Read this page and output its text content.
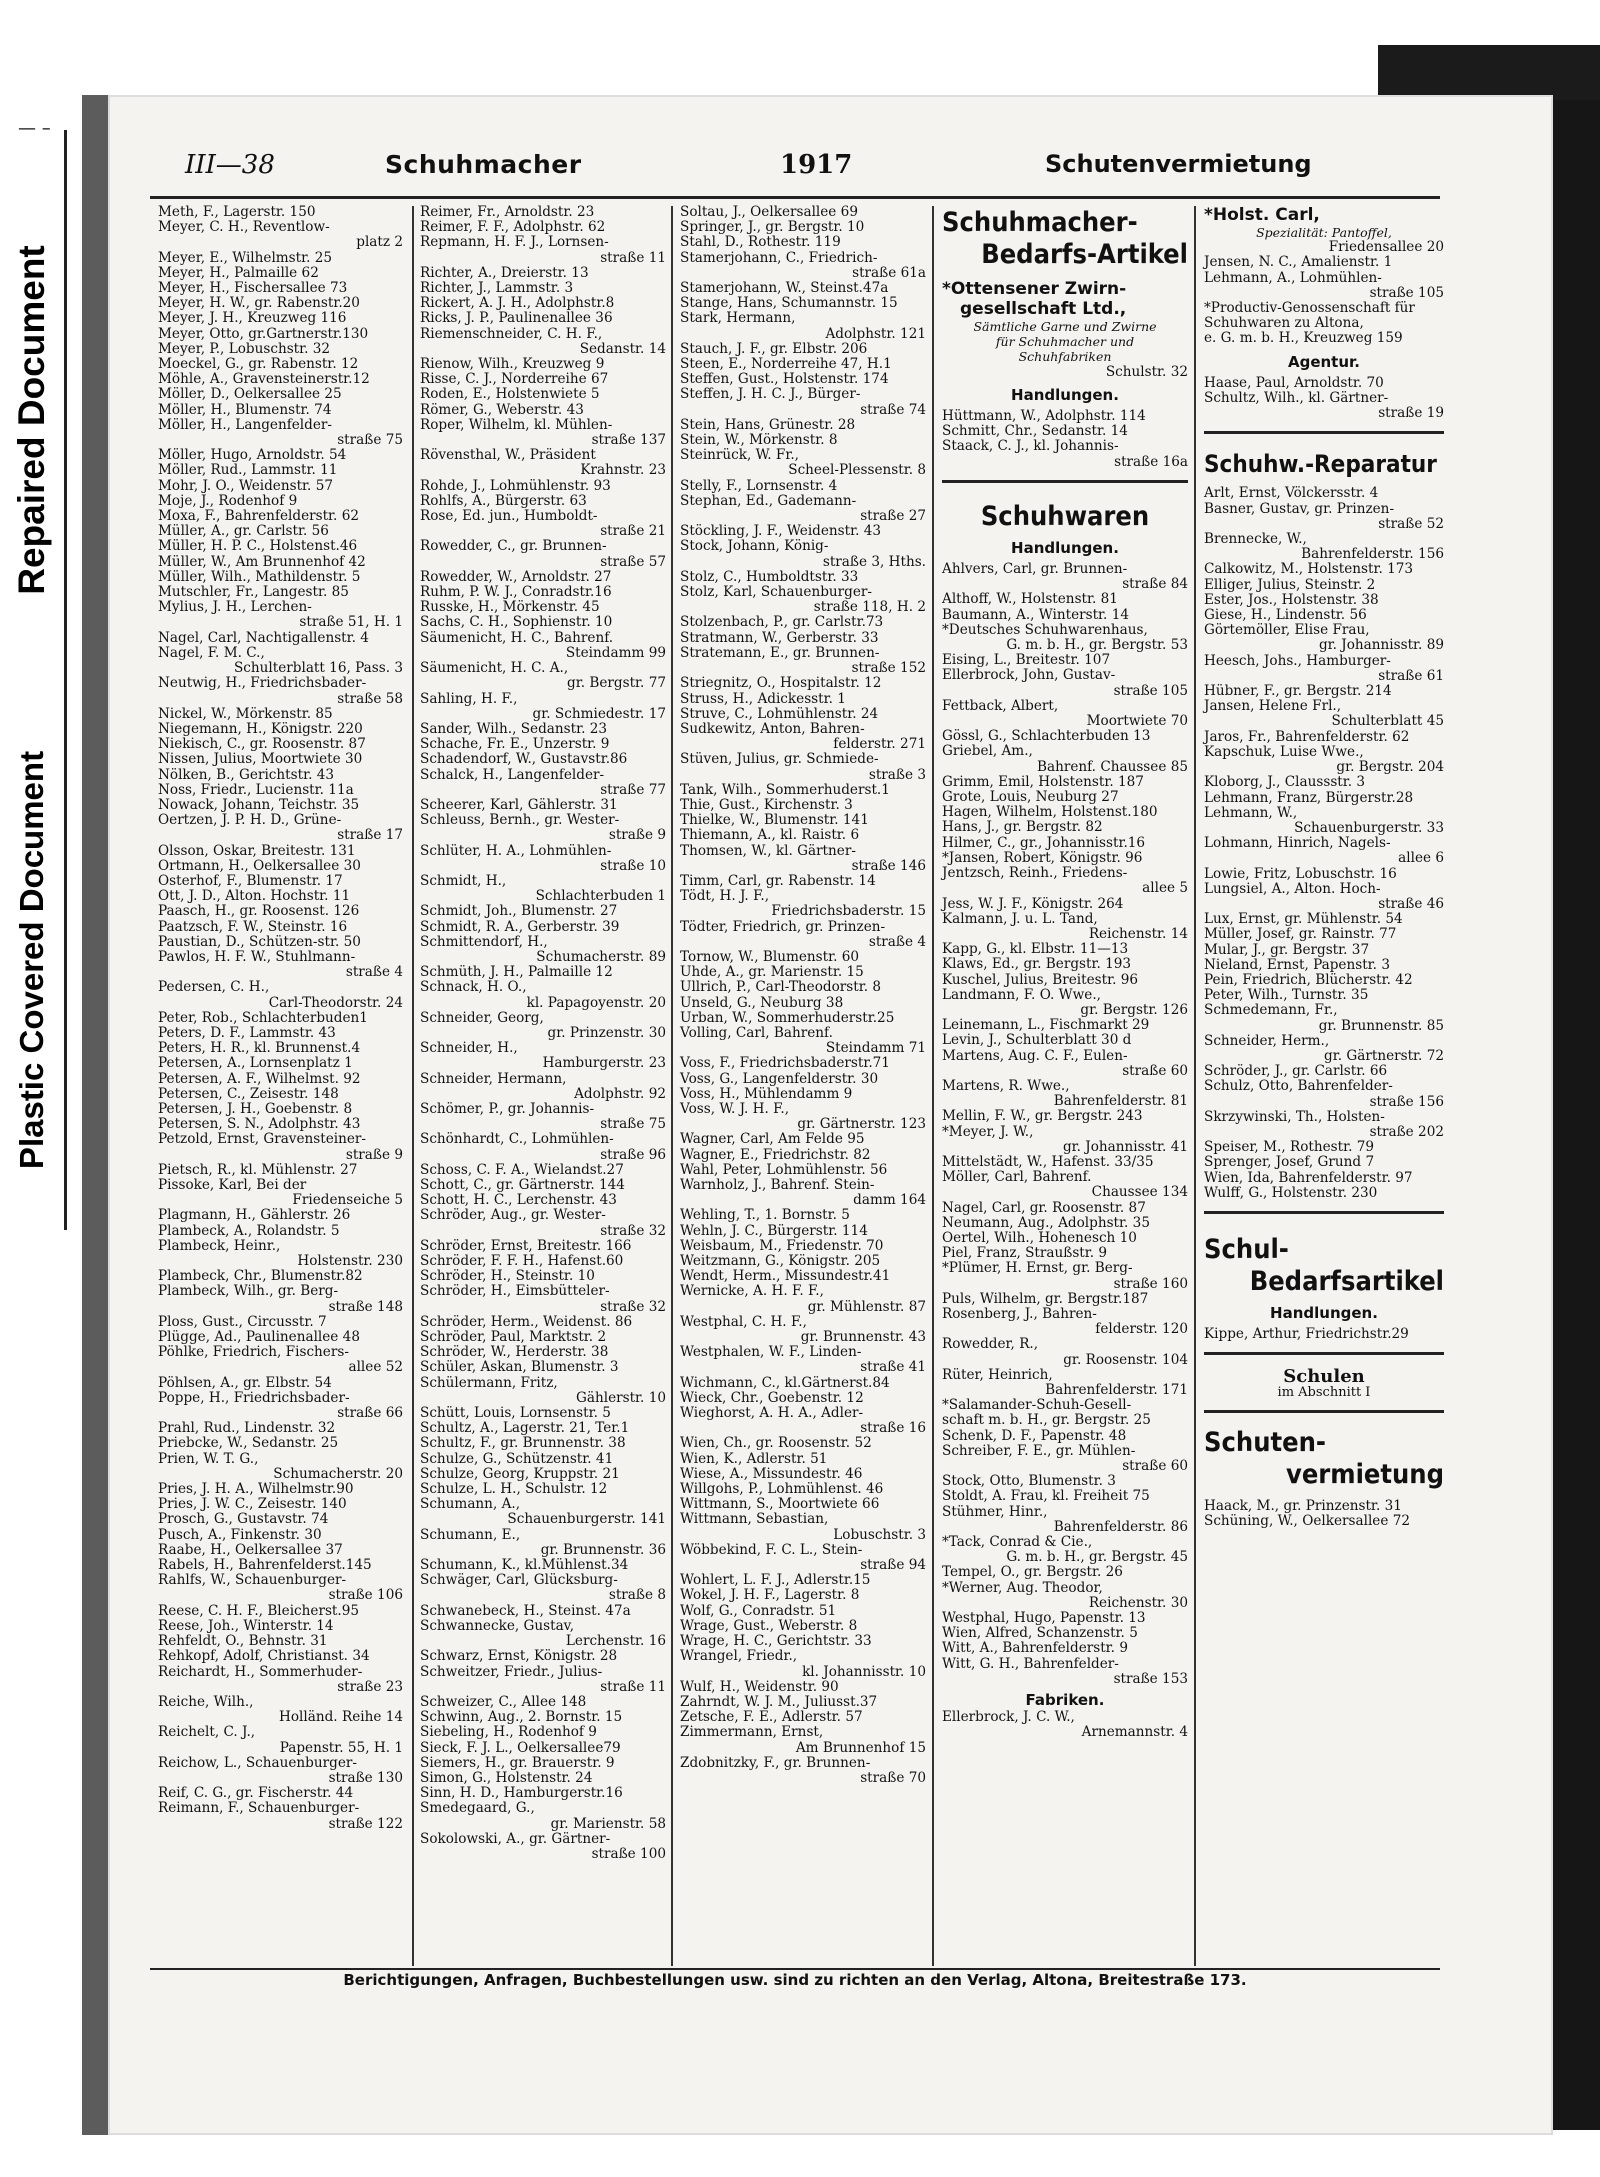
— –
Repaired Document
Plastic Covered Document
III—38	Schuhmacher	1917	Schutenvermietung
Meth, F., Lagerstr. 150
Meyer, C. H., Reventlow-
platz 2
Meyer, E., Wilhelmstr. 25
Meyer, H., Palmaille 62
Meyer, H., Fischersallee 73
Meyer, H. W., gr. Rabenstr.20
Meyer, J. H., Kreuzweg 116
Meyer, Otto, gr.Gartnerstr.130
Meyer, P., Lobuschstr. 32
Moeckel, G., gr. Rabenstr. 12
Möhle, A., Gravensteinerstr.12
Möller, D., Oelkersallee 25
Möller, H., Blumenstr. 74
Möller, H., Langenfelder-
straße 75
Möller, Hugo, Arnoldstr. 54
Möller, Rud., Lammstr. 11
Mohr, J. O., Weidenstr. 57
Moje, J., Rodenhof 9
Moxa, F., Bahrenfelderstr. 62
Müller, A., gr. Carlstr. 56
Müller, H. P. C., Holstenst.46
Müller, W., Am Brunnenhof 42
Müller, Wilh., Mathildenstr. 5
Mutschler, Fr., Langestr. 85
Mylius, J. H., Lerchen-
straße 51, H. 1
Nagel, Carl, Nachtigallenstr. 4
Nagel, F. M. C.,
Schulterblatt 16, Pass. 3
Neutwig, H., Friedrichsbader-
straße 58
Nickel, W., Mörkenstr. 85
Niegemann, H., Königstr. 220
Niekisch, C., gr. Roosenstr. 87
Nissen, Julius, Moortwiete 30
Nölken, B., Gerichtstr. 43
Noss, Friedr., Lucienstr. 11a
Nowack, Johann, Teichstr. 35
Oertzen, J. P. H. D., Grüne-
straße 17
Olsson, Oskar, Breitestr. 131
Ortmann, H., Oelkersallee 30
Osterhof, F., Blumenstr. 17
Ott, J. D., Alton. Hochstr. 11
Paasch, H., gr. Roosenst. 126
Paatzsch, F. W., Steinstr. 16
Paustian, D., Schützen-str. 50
Pawlos, H. F. W., Stuhlmann-
straße 4
Pedersen, C. H.,
Carl-Theodorstr. 24
Peter, Rob., Schlachterbuden1
Peters, D. F., Lammstr. 43
Peters, H. R., kl. Brunnenst.4
Petersen, A., Lornsenplatz 1
Petersen, A. F., Wilhelmst. 92
Petersen, C., Zeisestr. 148
Petersen, J. H., Goebenstr. 8
Petersen, S. N., Adolphstr. 43
Petzold, Ernst, Gravensteiner-
straße 9
Pietsch, R., kl. Mühlenstr. 27
Pissoke, Karl, Bei der
Friedenseiche 5
Plagmann, H., Gählerstr. 26
Plambeck, A., Rolandstr. 5
Plambeck, Heinr.,
Holstenstr. 230
Plambeck, Chr., Blumenstr.82
Plambeck, Wilh., gr. Berg-
straße 148
Ploss, Gust., Circusstr. 7
Plügge, Ad., Paulinenallee 48
Pöhlke, Friedrich, Fischers-
allee 52
Pöhlsen, A., gr. Elbstr. 54
Poppe, H., Friedrichsbader-
straße 66
Prahl, Rud., Lindenstr. 32
Priebcke, W., Sedanstr. 25
Prien, W. T. G.,
Schumacherstr. 20
Pries, J. H. A., Wilhelmstr.90
Pries, J. W. C., Zeisestr. 140
Prosch, G., Gustavstr. 74
Pusch, A., Finkenstr. 30
Raabe, H., Oelkersallee 37
Rabels, H., Bahrenfelderst.145
Rahlfs, W., Schauenburger-
straße 106
Reese, C. H. F., Bleicherst.95
Reese, Joh., Winterstr. 14
Rehfeldt, O., Behnstr. 31
Rehkopf, Adolf, Christianst. 34
Reichardt, H., Sommerhuder-
straße 23
Reiche, Wilh.,
Holländ. Reihe 14
Reichelt, C. J.,
Papenstr. 55, H. 1
Reichow, L., Schauenburger-
straße 130
Reif, C. G., gr. Fischerstr. 44
Reimann, F., Schauenburger-
straße 122
Reimer, Fr., Arnoldstr. 23
Reimer, F. F., Adolphstr. 62
Repmann, H. F. J., Lornsen-
straße 11
Richter, A., Dreierstr. 13
Richter, J., Lammstr. 3
Rickert, A. J. H., Adolphstr.8
Ricks, J. P., Paulinenallee 36
Riemenschneider, C. H. F.,
Sedanstr. 14
Rienow, Wilh., Kreuzweg 9
Risse, C. J., Norderreihe 67
Roden, E., Holstenwiete 5
Römer, G., Weberstr. 43
Roper, Wilhelm, kl. Mühlen-
straße 137
Rövensthal, W., Präsident
Krahnstr. 23
Rohde, J., Lohmühlenstr. 93
Rohlfs, A., Bürgerstr. 63
Rose, Ed. jun., Humboldt-
straße 21
Rowedder, C., gr. Brunnen-
straße 57
Rowedder, W., Arnoldstr. 27
Ruhm, P. W. J., Conradstr.16
Russke, H., Mörkenstr. 45
Sachs, C. H., Sophienstr. 10
Säumenicht, H. C., Bahrenf.
Steindamm 99
Säumenicht, H. C. A.,
gr. Bergstr. 77
Sahling, H. F.,
gr. Schmiedestr. 17
Sander, Wilh., Sedanstr. 23
Schache, Fr. E., Unzerstr. 9
Schadendorf, W., Gustavstr.86
Schalck, H., Langenfelder-
straße 77
Scheerer, Karl, Gählerstr. 31
Schleuss, Bernh., gr. Wester-
straße 9
Schlüter, H. A., Lohmühlen-
straße 10
Schmidt, H.,
Schlachterbuden 1
Schmidt, Joh., Blumenstr. 27
Schmidt, R. A., Gerberstr. 39
Schmittendorf, H.,
Schumacherstr. 89
Schmüth, J. H., Palmaille 12
Schnack, H. O.,
kl. Papagoyenstr. 20
Schneider, Georg,
gr. Prinzenstr. 30
Schneider, H.,
Hamburgerstr. 23
Schneider, Hermann,
Adolphstr. 92
Schömer, P., gr. Johannis-
straße 75
Schönhardt, C., Lohmühlen-
straße 96
Schoss, C. F. A., Wielandst.27
Schott, C., gr. Gärtnerstr. 144
Schott, H. C., Lerchenstr. 43
Schröder, Aug., gr. Wester-
straße 32
Schröder, Ernst, Breitestr. 166
Schröder, F. F. H., Hafenst.60
Schröder, H., Steinstr. 10
Schröder, H., Eimsbütteler-
straße 32
Schröder, Herm., Weidenst. 86
Schröder, Paul, Marktstr. 2
Schröder, W., Herderstr. 38
Schüler, Askan, Blumenstr. 3
Schülermann, Fritz,
Gählerstr. 10
Schütt, Louis, Lornsenstr. 5
Schultz, A., Lagerstr. 21, Ter.1
Schultz, F., gr. Brunnenstr. 38
Schulze, G., Schützenstr. 41
Schulze, Georg, Kruppstr. 21
Schulze, L. H., Schulstr. 12
Schumann, A.,
Schauenburgerstr. 141
Schumann, E.,
gr. Brunnenstr. 36
Schumann, K., kl.Mühlenst.34
Schwäger, Carl, Glücksburg-
straße 8
Schwanebeck, H., Steinst. 47a
Schwannecke, Gustav,
Lerchenstr. 16
Schwarz, Ernst, Königstr. 28
Schweitzer, Friedr., Julius-
straße 11
Schweizer, C., Allee 148
Schwinn, Aug., 2. Bornstr. 15
Siebeling, H., Rodenhof 9
Sieck, F. J. L., Oelkersallee79
Siemers, H., gr. Brauerstr. 9
Simon, G., Holstenstr. 24
Sinn, H. D., Hamburgerstr.16
Smedegaard, G.,
gr. Marienstr. 58
Sokolowski, A., gr. Gärtner-
straße 100
Soltau, J., Oelkersallee 69
Springer, J., gr. Bergstr. 10
Stahl, D., Rothestr. 119
Stamerjohann, C., Friedrich-
straße 61a
Stamerjohann, W., Steinst.47a
Stange, Hans, Schumannstr. 15
Stark, Hermann,
Adolphstr. 121
Stauch, J. F., gr. Elbstr. 206
Steen, E., Norderreihe 47, H.1
Steffen, Gust., Holstenstr. 174
Steffen, J. H. C. J., Bürger-
straße 74
Stein, Hans, Grünestr. 28
Stein, W., Mörkenstr. 8
Steinrück, W. Fr.,
Scheel-Plessenstr. 8
Stelly, F., Lornsenstr. 4
Stephan, Ed., Gademann-
straße 27
Stöckling, J. F., Weidenstr. 43
Stock, Johann, König-
straße 3, Hths.
Stolz, C., Humboldtstr. 33
Stolz, Karl, Schauenburger-
straße 118, H. 2
Stolzenbach, P., gr. Carlstr.73
Stratmann, W., Gerberstr. 33
Stratemann, E., gr. Brunnen-
straße 152
Striegnitz, O., Hospitalstr. 12
Struss, H., Adickesstr. 1
Struve, C., Lohmühlenstr. 24
Sudkewitz, Anton, Bahren-
felderstr. 271
Stüven, Julius, gr. Schmiede-
straße 3
Tank, Wilh., Sommerhuderst.1
Thie, Gust., Kirchenstr. 3
Thielke, W., Blumenstr. 141
Thiemann, A., kl. Raistr. 6
Thomsen, W., kl. Gärtner-
straße 146
Timm, Carl, gr. Rabenstr. 14
Tödt, H. J. F.,
Friedrichsbaderstr. 15
Tödter, Friedrich, gr. Prinzen-
straße 4
Tornow, W., Blumenstr. 60
Uhde, A., gr. Marienstr. 15
Ullrich, P., Carl-Theodorstr. 8
Unseld, G., Neuburg 38
Urban, W., Sommerhuderstr.25
Volling, Carl, Bahrenf.
Steindamm 71
Voss, F., Friedrichsbaderstr.71
Voss, G., Langenfelderstr. 30
Voss, H., Mühlendamm 9
Voss, W. J. H. F.,
gr. Gärtnerstr. 123
Wagner, Carl, Am Felde 95
Wagner, E., Friedrichstr. 82
Wahl, Peter, Lohmühlenstr. 56
Warnholz, J., Bahrenf. Stein-
damm 164
Wehling, T., 1. Bornstr. 5
Wehln, J. C., Bürgerstr. 114
Weisbaum, M., Friedenstr. 70
Weitzmann, G., Königstr. 205
Wendt, Herm., Missundestr.41
Wernicke, A. H. F. F.,
gr. Mühlenstr. 87
Westphal, C. H. F.,
gr. Brunnenstr. 43
Westphalen, W. F., Linden-
straße 41
Wichmann, C., kl.Gärtnerst.84
Wieck, Chr., Goebenstr. 12
Wieghorst, A. H. A., Adler-
straße 16
Wien, Ch., gr. Roosenstr. 52
Wien, K., Adlerstr. 51
Wiese, A., Missundestr. 46
Willgohs, P., Lohmühlenst. 46
Wittmann, S., Moortwiete 66
Wittmann, Sebastian,
Lobuschstr. 3
Wöbbekind, F. C. L., Stein-
straße 94
Wohlert, L. F. J., Adlerstr.15
Wokel, J. H. F., Lagerstr. 8
Wolf, G., Conradstr. 51
Wrage, Gust., Weberstr. 8
Wrage, H. C., Gerichtstr. 33
Wrangel, Friedr.,
kl. Johannisstr. 10
Wulf, H., Weidenstr. 90
Zahrndt, W. J. M., Juliusst.37
Zetsche, F. E., Adlerstr. 57
Zimmermann, Ernst,
Am Brunnenhof 15
Zdobnitzky, F., gr. Brunnen-
straße 70
Schuhmacher-
Bedarfs-Artikel
*Ottensener Zwirn-
gesellschaft Ltd.,
Sämtliche Garne und Zwirne
für Schuhmacher und
Schuhfabriken
Schulstr. 32
Handlungen.
Hüttmann, W., Adolphstr. 114
Schmitt, Chr., Sedanstr. 14
Staack, C. J., kl. Johannis-
straße 16a
Schuhwaren
Handlungen.
Ahlvers, Carl, gr. Brunnen-
straße 84
Althoff, W., Holstenstr. 81
Baumann, A., Winterstr. 14
*Deutsches Schuhwarenhaus,
G. m. b. H., gr. Bergstr. 53
Eising, L., Breitestr. 107
Ellerbrock, John, Gustav-
straße 105
Fettback, Albert,
Moortwiete 70
Gössl, G., Schlachterbuden 13
Griebel, Am.,
Bahrenf. Chaussee 85
Grimm, Emil, Holstenstr. 187
Grote, Louis, Neuburg 27
Hagen, Wilhelm, Holstenst.180
Hans, J., gr. Bergstr. 82
Hilmer, C., gr., Johannisstr.16
*Jansen, Robert, Königstr. 96
Jentzsch, Reinh., Friedens-
allee 5
Jess, W. J. F., Königstr. 264
Kalmann, J. u. L. Tand,
Reichenstr. 14
Kapp, G., kl. Elbstr. 11—13
Klaws, Ed., gr. Bergstr. 193
Kuschel, Julius, Breitestr. 96
Landmann, F. O. Wwe.,
gr. Bergstr. 126
Leinemann, L., Fischmarkt 29
Levin, J., Schulterblatt 30 d
Martens, Aug. C. F., Eulen-
straße 60
Martens, R. Wwe.,
Bahrenfelderstr. 81
Mellin, F. W., gr. Bergstr. 243
*Meyer, J. W.,
gr. Johannisstr. 41
Mittelstädt, W., Hafenst. 33/35
Möller, Carl, Bahrenf.
Chaussee 134
Nagel, Carl, gr. Roosenstr. 87
Neumann, Aug., Adolphstr. 35
Oertel, Wilh., Hohenesch 10
Piel, Franz, Straußstr. 9
*Plümer, H. Ernst, gr. Berg-
straße 160
Puls, Wilhelm, gr. Bergstr.187
Rosenberg, J., Bahren-
felderstr. 120
Rowedder, R.,
gr. Roosenstr. 104
Rüter, Heinrich,
Bahrenfelderstr. 171
*Salamander-Schuh-Gesell-
schaft m. b. H., gr. Bergstr. 25
Schenk, D. F., Papenstr. 48
Schreiber, F. E., gr. Mühlen-
straße 60
Stock, Otto, Blumenstr. 3
Stoldt, A. Frau, kl. Freiheit 75
Stühmer, Hinr.,
Bahrenfelderstr. 86
*Tack, Conrad & Cie.,
G. m. b. H., gr. Bergstr. 45
Tempel, O., gr. Bergstr. 26
*Werner, Aug. Theodor,
Reichenstr. 30
Westphal, Hugo, Papenstr. 13
Wien, Alfred, Schanzenstr. 5
Witt, A., Bahrenfelderstr. 9
Witt, G. H., Bahrenfelder-
straße 153
Fabriken.
Ellerbrock, J. C. W.,
Arnemannstr. 4
*Holst. Carl,
Spezialität: Pantoffel,
Friedensallee 20
Jensen, N. C., Amalienstr. 1
Lehmann, A., Lohmühlen-
straße 105
*Productiv-Genossenschaft für
Schuhwaren zu Altona,
e. G. m. b. H., Kreuzweg 159
Agentur.
Haase, Paul, Arnoldstr. 70
Schultz, Wilh., kl. Gärtner-
straße 19
Schuhw.-Reparatur
Arlt, Ernst, Völckersstr. 4
Basner, Gustav, gr. Prinzen-
straße 52
Brennecke, W.,
Bahrenfelderstr. 156
Calkowitz, M., Holstenstr. 173
Elliger, Julius, Steinstr. 2
Ester, Jos., Holstenstr. 38
Giese, H., Lindenstr. 56
Görtemöller, Elise Frau,
gr. Johannisstr. 89
Heesch, Johs., Hamburger-
straße 61
Hübner, F., gr. Bergstr. 214
Jansen, Helene Frl.,
Schulterblatt 45
Jaros, Fr., Bahrenfelderstr. 62
Kapschuk, Luise Wwe.,
gr. Bergstr. 204
Kloborg, J., Claussstr. 3
Lehmann, Franz, Bürgerstr.28
Lehmann, W.,
Schauenburgerstr. 33
Lohmann, Hinrich, Nagels-
allee 6
Lowie, Fritz, Lobuschstr. 16
Lungsiel, A., Alton. Hoch-
straße 46
Lux, Ernst, gr. Mühlenstr. 54
Müller, Josef, gr. Rainstr. 77
Mular, J., gr. Bergstr. 37
Nieland, Ernst, Papenstr. 3
Pein, Friedrich, Blücherstr. 42
Peter, Wilh., Turnstr. 35
Schmedemann, Fr.,
gr. Brunnenstr. 85
Schneider, Herm.,
gr. Gärtnerstr. 72
Schröder, J., gr. Carlstr. 66
Schulz, Otto, Bahrenfelder-
straße 156
Skrzywinski, Th., Holsten-
straße 202
Speiser, M., Rothestr. 79
Sprenger, Josef, Grund 7
Wien, Ida, Bahrenfelderstr. 97
Wulff, G., Holstenstr. 230
Schul-
Bedarfsartikel
Handlungen.
Kippe, Arthur, Friedrichstr.29
Schulen
im Abschnitt I
Schuten-
vermietung
Haack, M., gr. Prinzenstr. 31
Schüning, W., Oelkersallee 72
Berichtigungen, Anfragen, Buchbestellungen usw. sind zu richten an den Verlag, Altona, Breitestraße 173.
